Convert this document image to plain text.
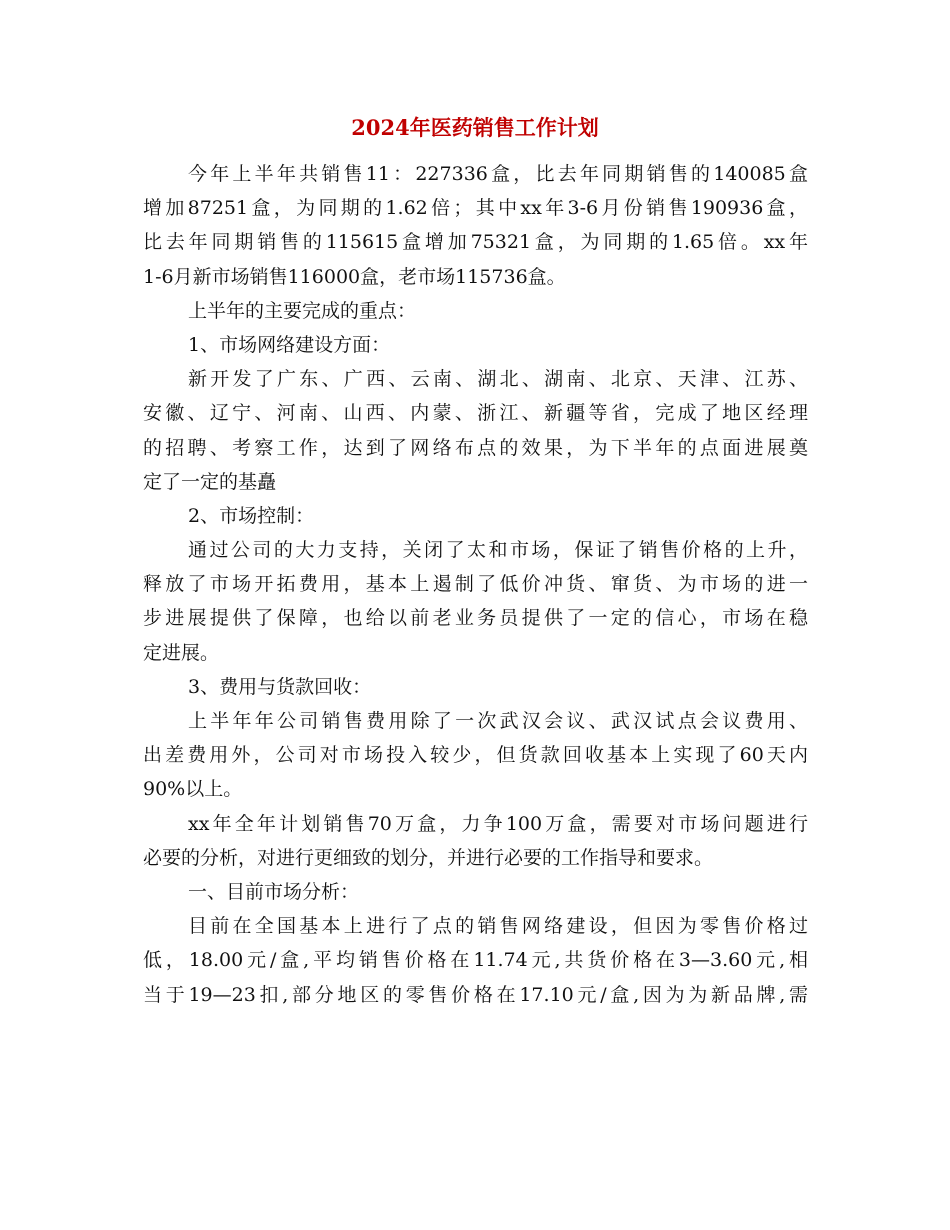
2024年医药销售工作计划
今年上半年共销售11：227336盒，比去年同期销售的140085盒
增加87251盒，为同期的1.62倍；其中xx年3-6月份销售190936盒，
比去年同期销售的115615盒增加75321盒，为同期的1.65倍。xx年
1-6月新市场销售116000盒，老市场115736盒。
上半年的主要完成的重点：
1、市场网络建设方面：
新开发了广东、广西、云南、湖北、湖南、北京、天津、江苏、
安徽、辽宁、河南、山西、内蒙、浙江、新疆等省，完成了地区经理
的招聘、考察工作，达到了网络布点的效果，为下半年的点面进展奠
定了一定的基矗
2、市场控制：
通过公司的大力支持，关闭了太和市场，保证了销售价格的上升，
释放了市场开拓费用，基本上遏制了低价冲货、窜货、为市场的进一
步进展提供了保障，也给以前老业务员提供了一定的信心，市场在稳
定进展。
3、费用与货款回收：
上半年年公司销售费用除了一次武汉会议、武汉试点会议费用、
出差费用外，公司对市场投入较少，但货款回收基本上实现了60天内
90%以上。
xx年全年计划销售70万盒，力争100万盒，需要对市场问题进行
必要的分析，对进行更细致的划分，并进行必要的工作指导和要求。
一、目前市场分析：
目前在全国基本上进行了点的销售网络建设，但因为零售价格过
低，18.00元/盒,平均销售价格在11.74元,共货价格在3—3.60元,相
当于19—23扣,部分地区的零售价格在17.10元/盒,因为为新品牌,需
